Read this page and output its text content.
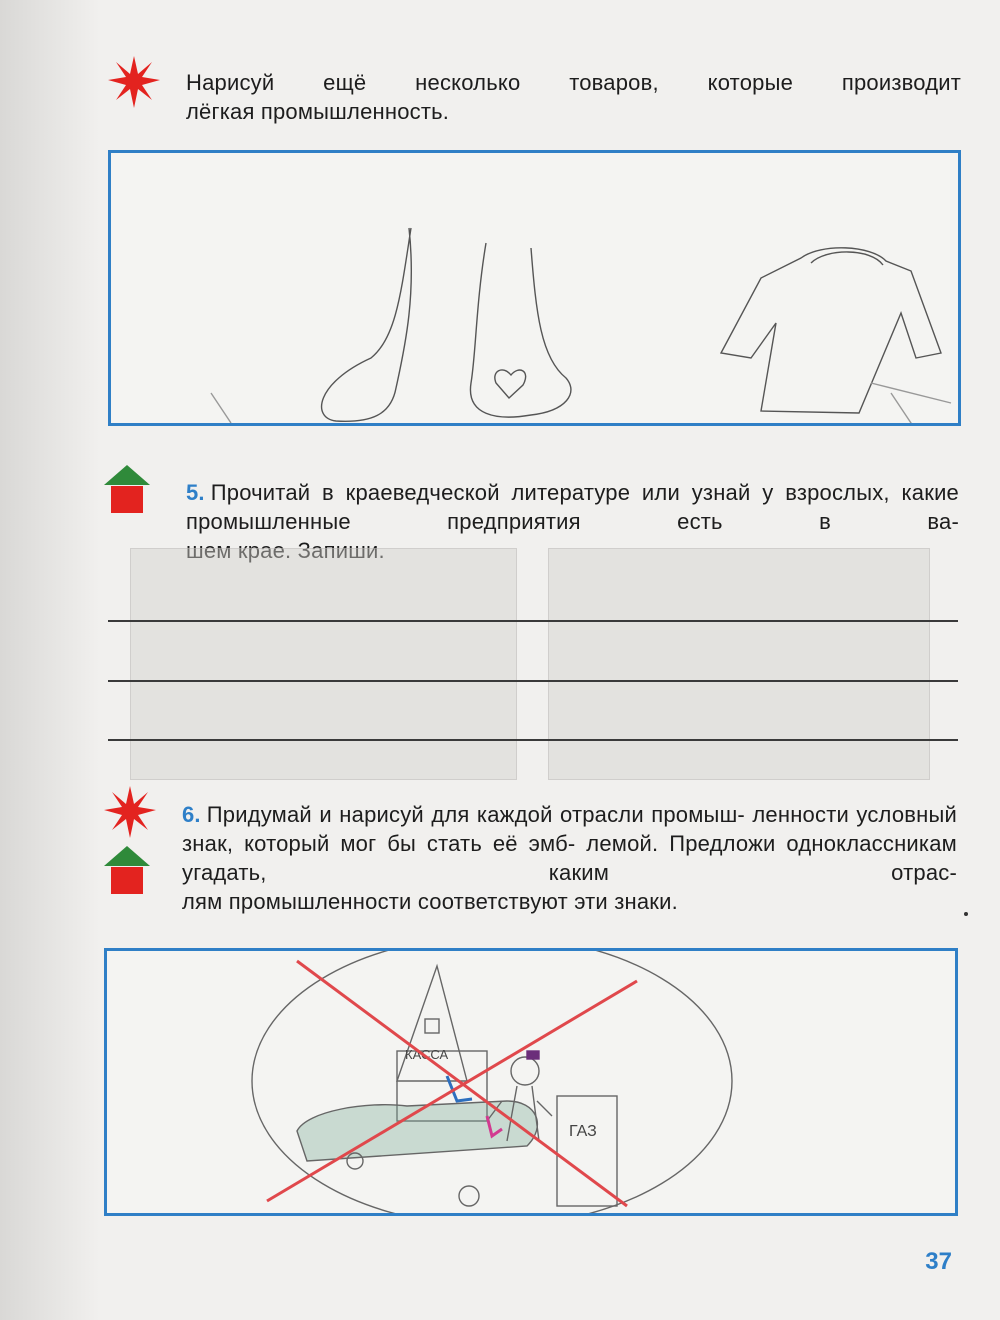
Нарисуй ещё несколько товаров, которые производит
лёгкая промышленность.
5. Прочитай в краеведческой литературе или узнай у взрослых, какие промышленные предприятия есть в ва-
шем крае. Запиши.
6. Придумай и нарисуй для каждой отрасли промыш- ленности условный знак, который мог бы стать её эмб- лемой. Предложи одноклассникам угадать, каким отрас-
лям промышленности соответствуют эти знаки.
КАССА
ГАЗ
37
